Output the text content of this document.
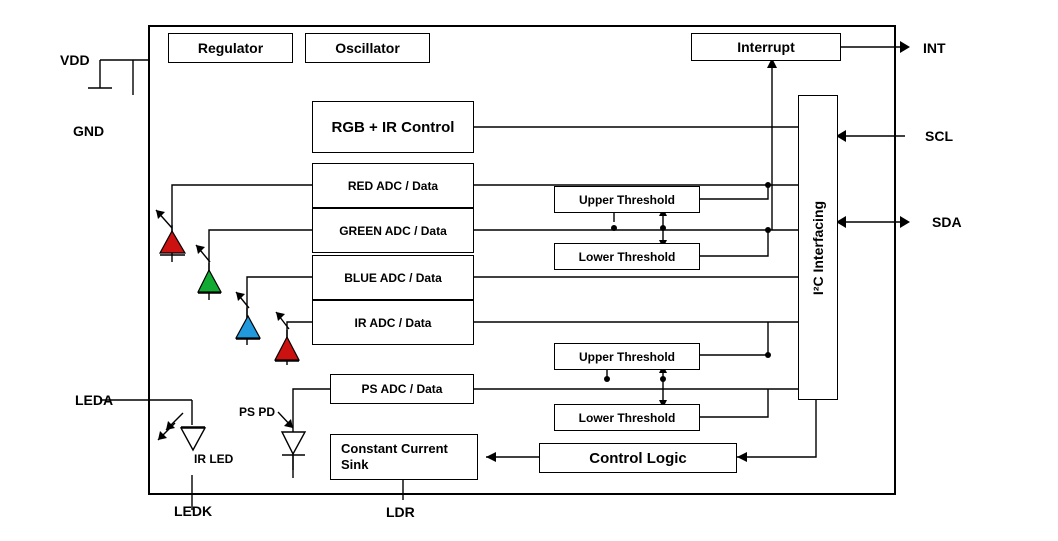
Regulator	Oscillator	Interrupt
RGB + IR Control
RED ADC / Data
GREEN ADC / Data
BLUE ADC / Data
IR ADC / Data
PS ADC / Data
Upper Threshold
Lower Threshold
Upper Threshold
Lower Threshold
I²C Interfacing
Constant Current Sink	Control Logic
VDD
GND
LEDA
LEDK	LDR
INT
SCL
SDA
IR LED
PS PD
